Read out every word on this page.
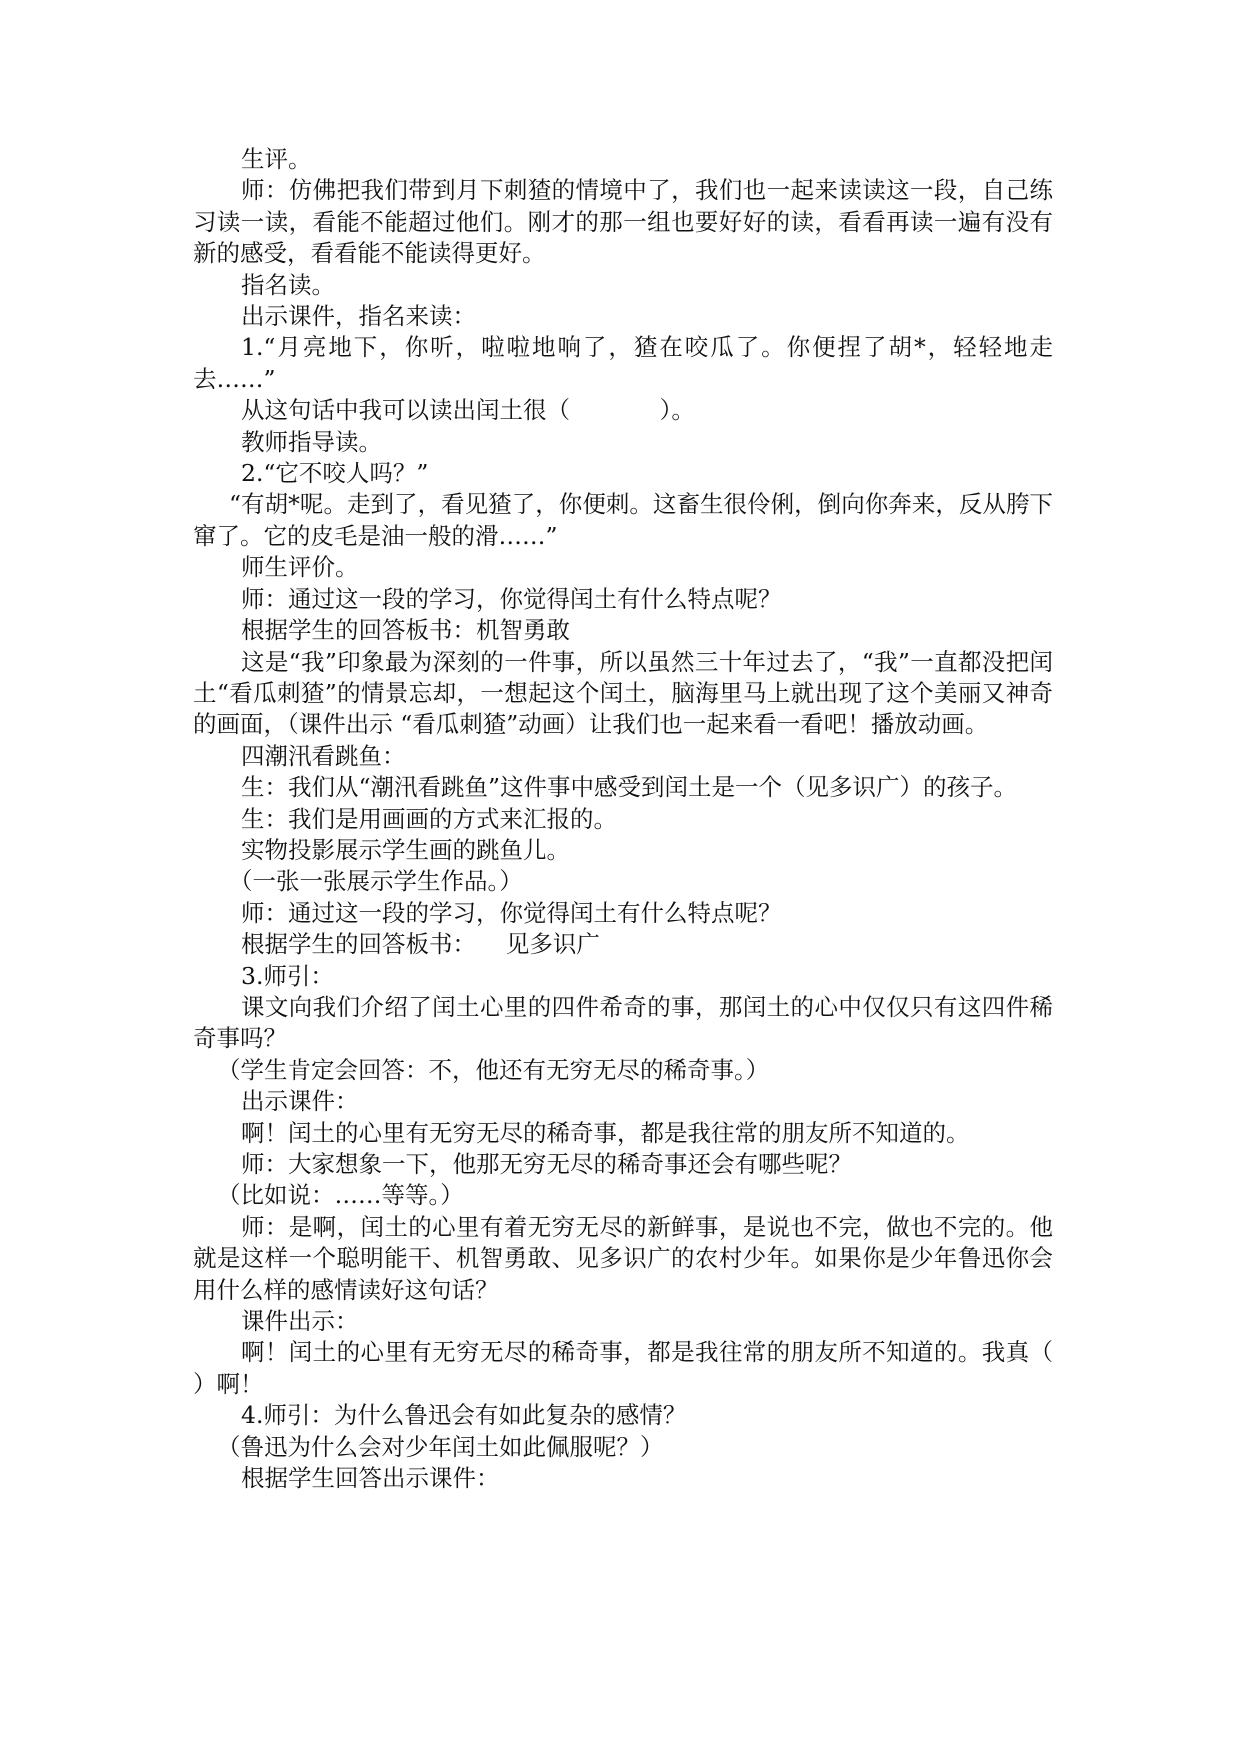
生评。

师：仿佛把我们带到月下刺猹的情境中了，我们也一起来读读这一段，自己练习读一读，看能不能超过他们。刚才的那一组也要好好的读，看看再读一遍有没有新的感受，看看能不能读得更好。

指名读。

出示课件，指名来读：

1.“月亮地下，你听，啦啦地响了，猹在咬瓜了。你便捏了胡*，轻轻地走去……”

从这句话中我可以读出闰土很（            ）。

教师指导读。

2.“它不咬人吗？”

“有胡*呢。走到了，看见猹了，你便刺。这畜生很伶俐，倒向你奔来，反从胯下窜了。它的皮毛是油一般的滑……”

师生评价。

师：通过这一段的学习，你觉得闰土有什么特点呢？

根据学生的回答板书：机智勇敢

这是“我”印象最为深刻的一件事，所以虽然三十年过去了，“我”一直都没把闰土“看瓜刺猹”的情景忘却，一想起这个闰土，脑海里马上就出现了这个美丽又神奇的画面，（课件出示 “看瓜刺猹”动画）让我们也一起来看一看吧！播放动画。

四潮汛看跳鱼：

生：我们从“潮汛看跳鱼”这件事中感受到闰土是一个（见多识广）的孩子。

生：我们是用画画的方式来汇报的。

实物投影展示学生画的跳鱼儿。

（一张一张展示学生作品。）

师：通过这一段的学习，你觉得闰土有什么特点呢？

根据学生的回答板书：    见多识广

3.师引：

课文向我们介绍了闰土心里的四件希奇的事，那闰土的心中仅仅只有这四件稀奇事吗？

（学生肯定会回答：不，他还有无穷无尽的稀奇事。）

出示课件：

啊！闰土的心里有无穷无尽的稀奇事，都是我往常的朋友所不知道的。

师：大家想象一下，他那无穷无尽的稀奇事还会有哪些呢？

（比如说：……等等。）

师：是啊，闰土的心里有着无穷无尽的新鲜事，是说也不完，做也不完的。他就是这样一个聪明能干、机智勇敢、见多识广的农村少年。如果你是少年鲁迅你会用什么样的感情读好这句话？

课件出示：

啊！闰土的心里有无穷无尽的稀奇事，都是我往常的朋友所不知道的。我真（              ）啊！

4.师引：为什么鲁迅会有如此复杂的感情？

（鲁迅为什么会对少年闰土如此佩服呢？）

根据学生回答出示课件：
